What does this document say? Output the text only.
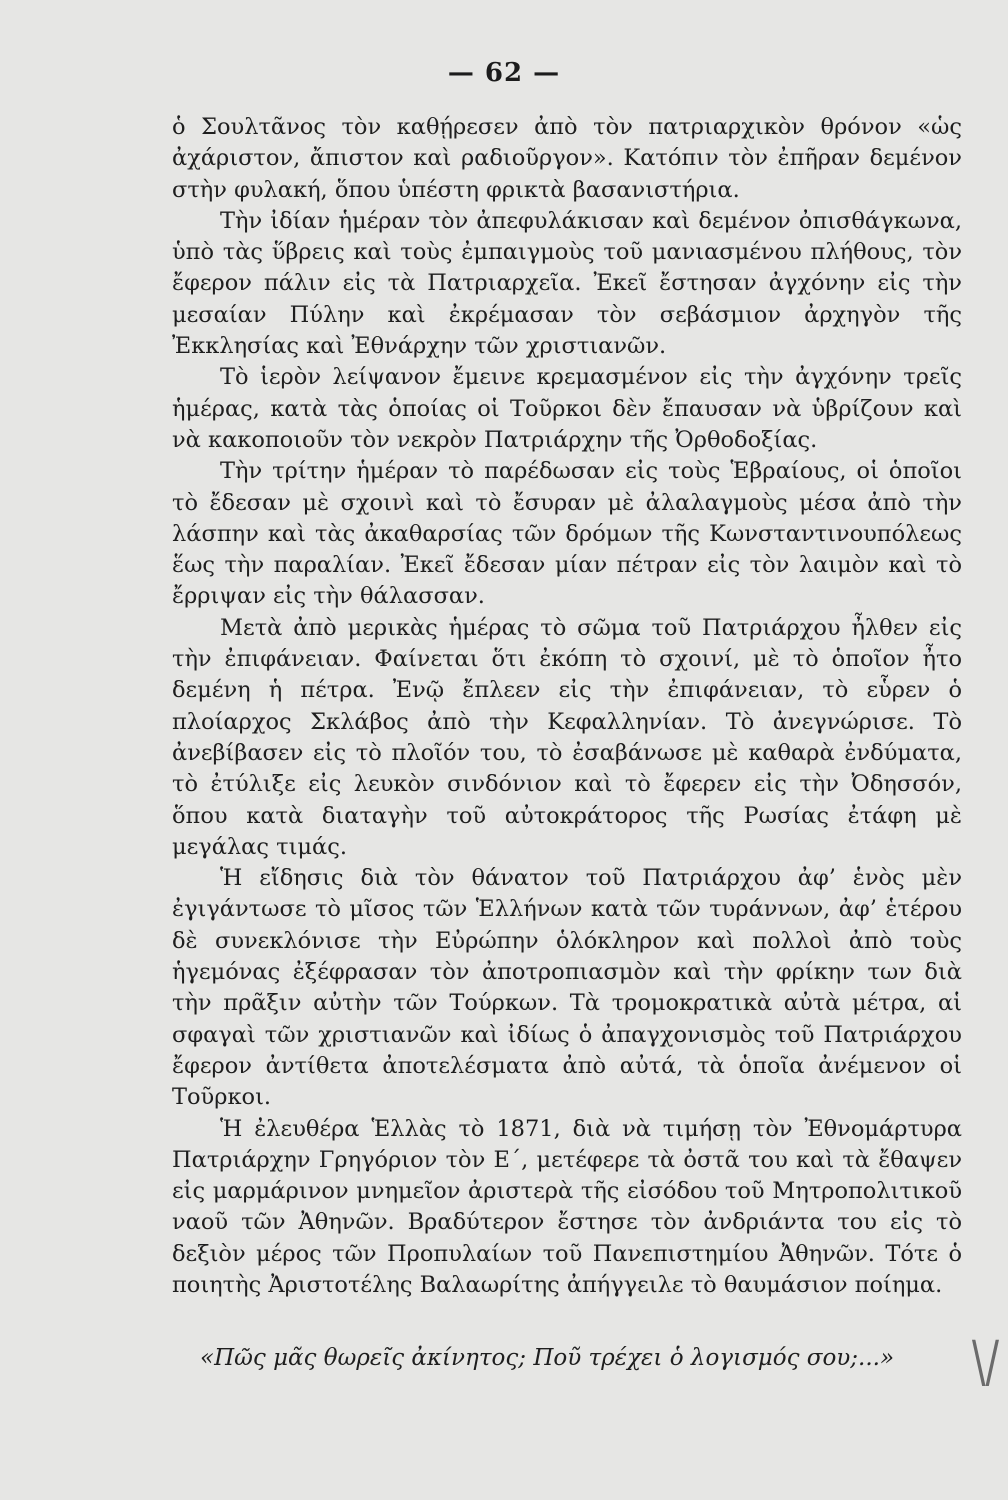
— 62 —

ὁ Σουλτᾶνος τὸν καθῄρεσεν ἀπὸ τὸν πατριαρχικὸν θρόνον «ὡς ἀχάριστον, ἄπιστον καὶ ραδιοῦργον». Κατόπιν τὸν ἐπῆραν δεμένον στὴν φυλακή, ὅπου ὑπέστη φρικτὰ βασανιστήρια.

Τὴν ἰδίαν ἡμέραν τὸν ἀπεφυλάκισαν καὶ δεμένον ὀπισθάγκωνα, ὑπὸ τὰς ὕβρεις καὶ τοὺς ἐμπαιγμοὺς τοῦ μανιασμένου πλήθους, τὸν ἔφερον πάλιν εἰς τὰ Πατριαρχεῖα. Ἐκεῖ ἔστησαν ἀγχόνην εἰς τὴν μεσαίαν Πύλην καὶ ἐκρέμασαν τὸν σεβάσμιον ἀρχηγὸν τῆς Ἐκκλησίας καὶ Ἐθνάρχην τῶν χριστιανῶν.

Τὸ ἱερὸν λείψανον ἔμεινε κρεμασμένον εἰς τὴν ἀγχόνην τρεῖς ἡμέρας, κατὰ τὰς ὁποίας οἱ Τοῦρκοι δὲν ἔπαυσαν νὰ ὑβρίζουν καὶ νὰ κακοποιοῦν τὸν νεκρὸν Πατριάρχην τῆς Ὀρθοδοξίας.

Τὴν τρίτην ἡμέραν τὸ παρέδωσαν εἰς τοὺς Ἑβραίους, οἱ ὁποῖοι τὸ ἔδεσαν μὲ σχοινὶ καὶ τὸ ἔσυραν μὲ ἀλαλαγμοὺς μέσα ἀπὸ τὴν λάσπην καὶ τὰς ἀκαθαρσίας τῶν δρόμων τῆς Κωνσταντινουπόλεως ἕως τὴν παραλίαν. Ἐκεῖ ἔδεσαν μίαν πέτραν εἰς τὸν λαιμὸν καὶ τὸ ἔρριψαν εἰς τὴν θάλασσαν.

Μετὰ ἀπὸ μερικὰς ἡμέρας τὸ σῶμα τοῦ Πατριάρχου ἦλθεν εἰς τὴν ἐπιφάνειαν. Φαίνεται ὅτι ἐκόπη τὸ σχοινί, μὲ τὸ ὁποῖον ἦτο δεμένη ἡ πέτρα. Ἐνῷ ἔπλεεν εἰς τὴν ἐπιφάνειαν, τὸ εὗρεν ὁ πλοίαρχος Σκλάβος ἀπὸ τὴν Κεφαλληνίαν. Τὸ ἀνεγνώρισε. Τὸ ἀνεβίβασεν εἰς τὸ πλοῖόν του, τὸ ἐσαβάνωσε μὲ καθαρὰ ἐνδύματα, τὸ ἐτύλιξε εἰς λευκὸν σινδόνιον καὶ τὸ ἔφερεν εἰς τὴν Ὀδησσόν, ὅπου κατὰ διαταγὴν τοῦ αὐτοκράτορος τῆς Ρωσίας ἐτάφη μὲ μεγάλας τιμάς.

Ἡ εἴδησις διὰ τὸν θάνατον τοῦ Πατριάρχου ἀφ’ ἑνὸς μὲν ἐγιγάντωσε τὸ μῖσος τῶν Ἑλλήνων κατὰ τῶν τυράννων, ἀφ’ ἑτέρου δὲ συνεκλόνισε τὴν Εὐρώπην ὁλόκληρον καὶ πολλοὶ ἀπὸ τοὺς ἡγεμόνας ἐξέφρασαν τὸν ἀποτροπιασμὸν καὶ τὴν φρίκην των διὰ τὴν πρᾶξιν αὐτὴν τῶν Τούρκων. Τὰ τρομοκρατικὰ αὐτὰ μέτρα, αἱ σφαγαὶ τῶν χριστιανῶν καὶ ἰδίως ὁ ἀπαγχονισμὸς τοῦ Πατριάρχου ἔφερον ἀντίθετα ἀποτελέσματα ἀπὸ αὐτά, τὰ ὁποῖα ἀνέμενον οἱ Τοῦρκοι.

Ἡ ἐλευθέρα Ἑλλὰς τὸ 1871, διὰ νὰ τιμήσῃ τὸν Ἐθνομάρτυρα Πατριάρχην Γρηγόριον τὸν Ε΄, μετέφερε τὰ ὀστᾶ του καὶ τὰ ἔθαψεν εἰς μαρμάρινον μνημεῖον ἀριστερὰ τῆς εἰσόδου τοῦ Μητροπολιτικοῦ ναοῦ τῶν Ἀθηνῶν. Βραδύτερον ἔστησε τὸν ἀνδριάντα του εἰς τὸ δεξιὸν μέρος τῶν Προπυλαίων τοῦ Πανεπιστημίου Ἀθηνῶν. Τότε ὁ ποιητὴς Ἀριστοτέλης Βαλαωρίτης ἀπήγγειλε τὸ θαυμάσιον ποίημα.

«Πῶς μᾶς θωρεῖς ἀκίνητος; Ποῦ τρέχει ὁ λογισμός σου;...»	\/
